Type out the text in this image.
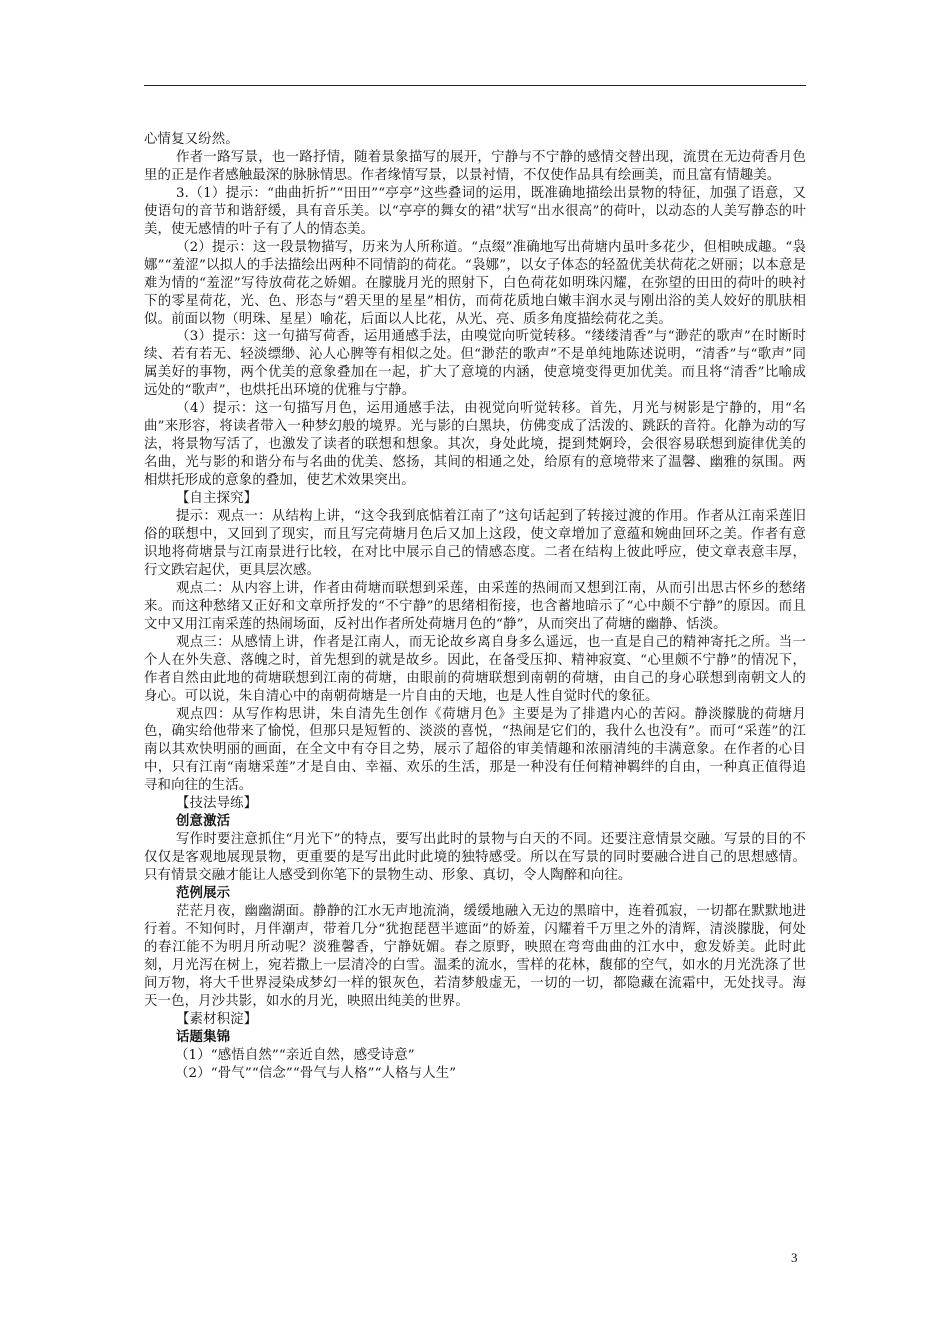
心情复又纷然。

作者一路写景，也一路抒情，随着景象描写的展开，宁静与不宁静的感情交替出现，流贯在无边荷香月色里的正是作者感触最深的脉脉情思。作者缘情写景，以景衬情，不仅使作品具有绘画美，而且富有情趣美。

3.（1）提示：“曲曲折折”“田田”“亭亭”这些叠词的运用，既准确地描绘出景物的特征，加强了语意，又使语句的音节和谐舒缓，具有音乐美。以“亭亭的舞女的裙”状写“出水很高”的荷叶，以动态的人美写静态的叶美，使无感情的叶子有了人的情态美。

（2）提示：这一段景物描写，历来为人所称道。“点缀”准确地写出荷塘内虽叶多花少，但相映成趣。“袅娜”“羞涩”以拟人的手法描绘出两种不同情韵的荷花。“袅娜”，以女子体态的轻盈优美状荷花之妍丽；以本意是难为情的“羞涩”写待放荷花之娇媚。在朦胧月光的照射下，白色荷花如明珠闪耀，在弥望的田田的荷叶的映衬下的零星荷花，光、色、形态与“碧天里的星星”相仿，而荷花质地白嫩丰润水灵与刚出浴的美人姣好的肌肤相似。前面以物（明珠、星星）喻花，后面以人比花，从光、亮、质多角度描绘荷花之美。

（3）提示：这一句描写荷香，运用通感手法，由嗅觉向听觉转移。“缕缕清香”与“渺茫的歌声”在时断时续、若有若无、轻淡缥缈、沁人心脾等有相似之处。但“渺茫的歌声”不是单纯地陈述说明，“清香”与“歌声”同属美好的事物，两个优美的意象叠加在一起，扩大了意境的内涵，使意境变得更加优美。而且将“清香”比喻成远处的“歌声”，也烘托出环境的优雅与宁静。

（4）提示：这一句描写月色，运用通感手法，由视觉向听觉转移。首先，月光与树影是宁静的，用“名曲”来形容，将读者带入一种梦幻般的境界。光与影的白黑块，仿佛变成了活泼的、跳跃的音符。化静为动的写法，将景物写活了，也激发了读者的联想和想象。其次，身处此境，提到梵婀玲，会很容易联想到旋律优美的名曲，光与影的和谐分布与名曲的优美、悠扬，其间的相通之处，给原有的意境带来了温馨、幽雅的氛围。两相烘托形成的意象的叠加，使艺术效果突出。

【自主探究】

提示：观点一：从结构上讲，“这令我到底惦着江南了”这句话起到了转接过渡的作用。作者从江南采莲旧俗的联想中，又回到了现实，而且写完荷塘月色后又加上这段，使文章增加了意蕴和婉曲回环之美。作者有意识地将荷塘景与江南景进行比较，在对比中展示自己的情感态度。二者在结构上彼此呼应，使文章表意丰厚，行文跌宕起伏，更具层次感。

观点二：从内容上讲，作者由荷塘而联想到采莲，由采莲的热闹而又想到江南，从而引出思古怀乡的愁绪来。而这种愁绪又正好和文章所抒发的“不宁静”的思绪相衔接，也含蓄地暗示了“心中颇不宁静”的原因。而且文中又用江南采莲的热闹场面，反衬出作者所处荷塘月色的“静”，从而突出了荷塘的幽静、恬淡。

观点三：从感情上讲，作者是江南人，而无论故乡离自身多么遥远，也一直是自己的精神寄托之所。当一个人在外失意、落魄之时，首先想到的就是故乡。因此，在备受压抑、精神寂寞、“心里颇不宁静”的情况下，作者自然由此地的荷塘联想到江南的荷塘，由眼前的荷塘联想到南朝的荷塘，由自己的身心联想到南朝文人的身心。可以说，朱自清心中的南朝荷塘是一片自由的天地，也是人性自觉时代的象征。

观点四：从写作构思讲，朱自清先生创作《荷塘月色》主要是为了排遣内心的苦闷。静淡朦胧的荷塘月色，确实给他带来了愉悦，但那只是短暂的、淡淡的喜悦，“热闹是它们的，我什么也没有”。而可“采莲”的江南以其欢快明丽的画面，在全文中有夺目之势，展示了超俗的审美情趣和浓丽清纯的丰满意象。在作者的心目中，只有江南“南塘采莲”才是自由、幸福、欢乐的生活，那是一种没有任何精神羁绊的自由，一种真正值得追寻和向往的生活。

【技法导练】

创意激活

写作时要注意抓住“月光下”的特点，要写出此时的景物与白天的不同。还要注意情景交融。写景的目的不仅仅是客观地展现景物，更重要的是写出此时此境的独特感受。所以在写景的同时要融合进自己的思想感情。只有情景交融才能让人感受到你笔下的景物生动、形象、真切，令人陶醉和向往。

范例展示

茫茫月夜，幽幽湖面。静静的江水无声地流淌，缓缓地融入无边的黑暗中，连着孤寂，一切都在默默地进行着。不知何时，月伴潮声，带着几分“犹抱琵琶半遮面”的娇羞，闪耀着千万里之外的清辉，清淡朦胧，何处的春江能不为明月所动呢？淡雅馨香，宁静妩媚。春之原野，映照在弯弯曲曲的江水中，愈发娇美。此时此刻，月光泻在树上，宛若撒上一层清冷的白雪。温柔的流水，雪样的花林，馥郁的空气，如水的月光洗涤了世间万物，将大千世界浸染成梦幻一样的银灰色，若清梦般虚无，一切的一切，都隐藏在流霜中，无处找寻。海天一色，月沙共影，如水的月光，映照出纯美的世界。

【素材积淀】

话题集锦

（1）“感悟自然”“亲近自然，感受诗意”

（2）“骨气”“信念”“骨气与人格”“人格与人生”

3
